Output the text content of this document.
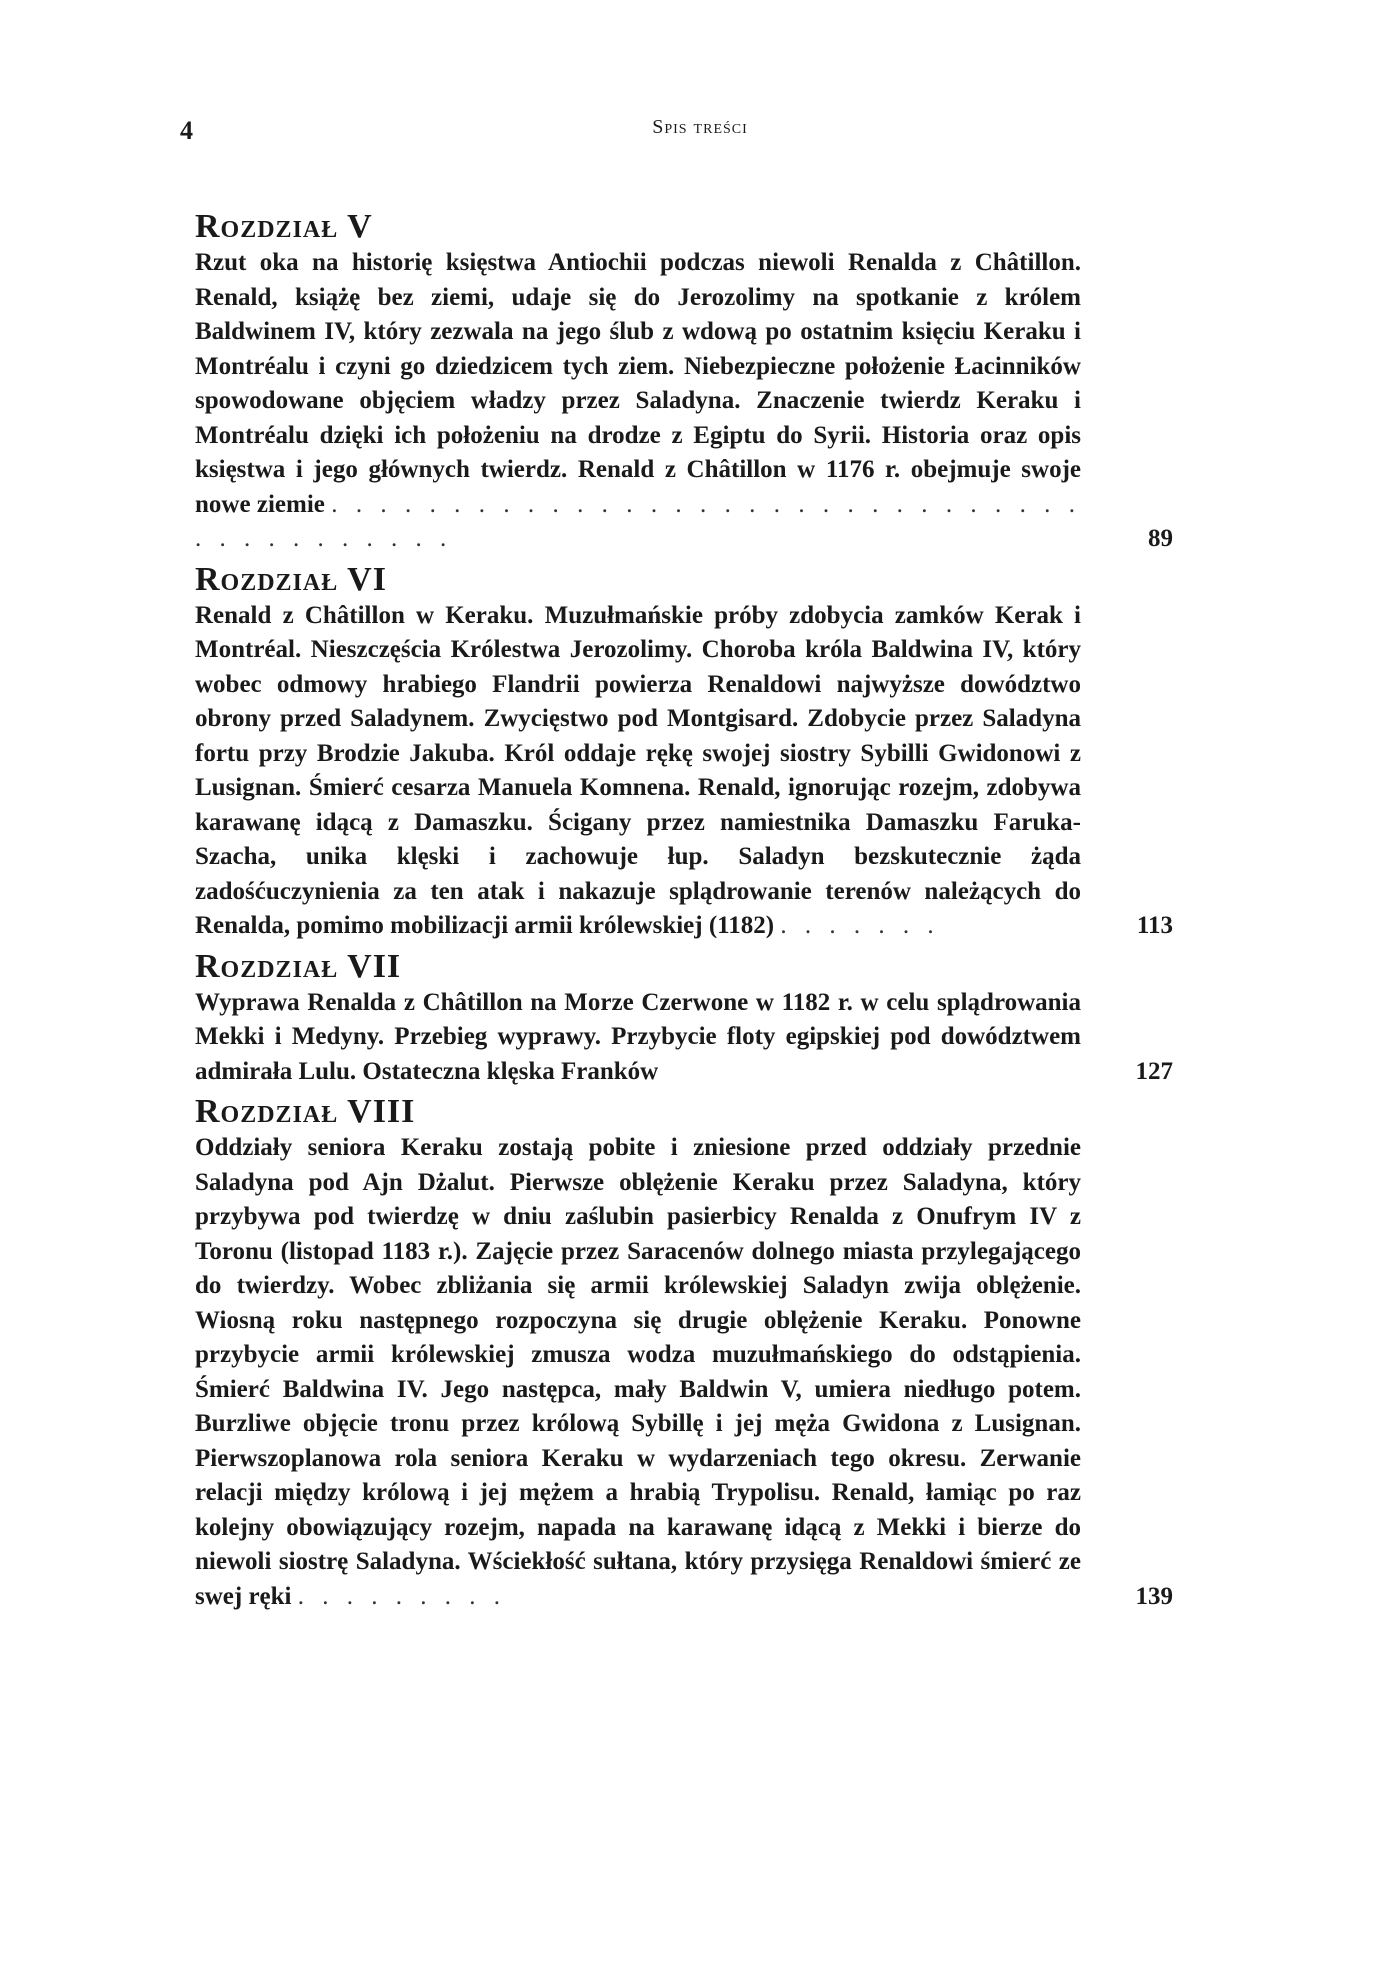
4	Spis treści
Rozdział V

Rzut oka na historię księstwa Antiochii podczas niewoli Renalda z Châtillon. Renald, książę bez ziemi, udaje się do Jerozolimy na spotkanie z królem Baldwinem IV, który zezwala na jego ślub z wdową po ostatnim księciu Keraku i Montréalu i czyni go dziedzicem tych ziem. Niebezpieczne położenie Łacinników spowodowane objęciem władzy przez Saladyna. Znaczenie twierdz Keraku i Montréalu dzięki ich położeniu na drodze z Egiptu do Syrii. Historia oraz opis księstwa i jego głównych twierdz. Renald z Châtillon w 1176 r. obejmuje swoje nowe ziemie . . . . . . . . . . . . . . . . . . . . . . . . . . . . . . . . . . . . . . . . . .	89
Rozdział VI

Renald z Châtillon w Keraku. Muzułmańskie próby zdobycia zamków Kerak i Montréal. Nieszczęścia Królestwa Jerozolimy. Choroba króla Baldwina IV, który wobec odmowy hrabiego Flandrii powierza Renaldowi najwyższe dowództwo obrony przed Saladynem. Zwycięstwo pod Montgisard. Zdobycie przez Saladyna fortu przy Brodzie Jakuba. Król oddaje rękę swojej siostry Sybilli Gwidonowi z Lusignan. Śmierć cesarza Manuela Komnena. Renald, ignorując rozejm, zdobywa karawanę idącą z Damaszku. Ścigany przez namiestnika Damaszku Faruka-Szacha, unika klęski i zachowuje łup. Saladyn bezskutecznie żąda zadośćuczynienia za ten atak i nakazuje splądrowanie terenów należących do Renalda, pomimo mobilizacji armii królewskiej (1182) . . . . . . .	113
Rozdział VII

Wyprawa Renalda z Châtillon na Morze Czerwone w 1182 r. w celu splądrowania Mekki i Medyny. Przebieg wyprawy. Przybycie floty egipskiej pod dowództwem admirała Lulu. Ostateczna klęska Franków	127
Rozdział VIII

Oddziały seniora Keraku zostają pobite i zniesione przed oddziały przednie Saladyna pod Ajn Dżalut. Pierwsze oblężenie Keraku przez Saladyna, który przybywa pod twierdzę w dniu zaślubin pasierbicy Renalda z Onufrym IV z Toronu (listopad 1183 r.). Zajęcie przez Saracenów dolnego miasta przylegającego do twierdzy. Wobec zbliżania się armii królewskiej Saladyn zwija oblężenie. Wiosną roku następnego rozpoczyna się drugie oblężenie Keraku. Ponowne przybycie armii królewskiej zmusza wodza muzułmańskiego do odstąpienia. Śmierć Baldwina IV. Jego następca, mały Baldwin V, umiera niedługo potem. Burzliwe objęcie tronu przez królową Sybillę i jej męża Gwidona z Lusignan. Pierwszoplanowa rola seniora Keraku w wydarzeniach tego okresu. Zerwanie relacji między królową i jej mężem a hrabią Trypolisu. Renald, łamiąc po raz kolejny obowiązujący rozejm, napada na karawanę idącą z Mekki i bierze do niewoli siostrę Saladyna. Wściekłość sułtana, który przysięga Renaldowi śmierć ze swej ręki . . . . . . . . .	139
